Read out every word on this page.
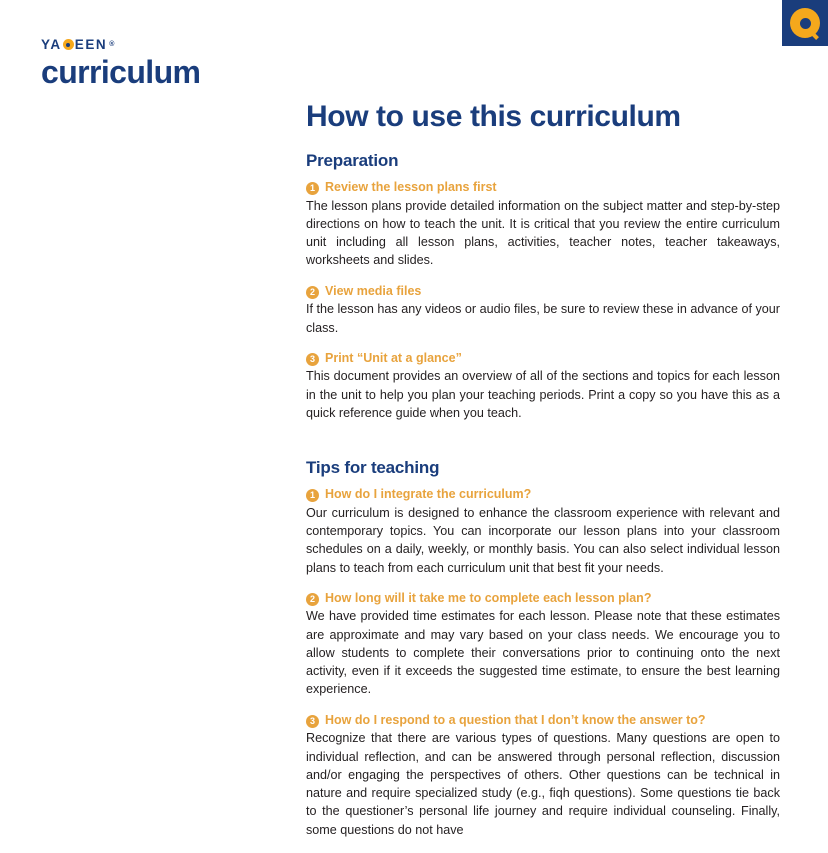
YA EEN ®
curriculum
How to use this curriculum
Preparation
1 Review the lesson plans first

The lesson plans provide detailed information on the subject matter and step-by-step directions on how to teach the unit. It is critical that you review the entire curriculum unit including all lesson plans, activities, teacher notes, teacher takeaways, worksheets and slides.

2 View media files

If the lesson has any videos or audio files, be sure to review these in advance of your class.

3 Print “Unit at a glance”

This document provides an overview of all of the sections and topics for each lesson in the unit to help you plan your teaching periods. Print a copy so you have this as a quick reference guide when you teach.

Tips for teaching
1 How do I integrate the curriculum?

Our curriculum is designed to enhance the classroom experience with relevant and contemporary topics. You can incorporate our lesson plans into your classroom schedules on a daily, weekly, or monthly basis. You can also select individual lesson plans to teach from each curriculum unit that best fit your needs.

2 How long will it take me to complete each lesson plan?

We have provided time estimates for each lesson. Please note that these estimates are approximate and may vary based on your class needs. We encourage you to allow students to complete their conversations prior to continuing onto the next activity, even if it exceeds the suggested time estimate, to ensure the best learning experience.

3 How do I respond to a question that I don’t know the answer to?

Recognize that there are various types of questions. Many questions are open to individual reflection, and can be answered through personal reflection, discussion and/or engaging the perspectives of others. Other questions can be technical in nature and require specialized study (e.g., fiqh questions). Some questions tie back to the questioner’s personal life journey and require individual counseling. Finally, some questions do not have
